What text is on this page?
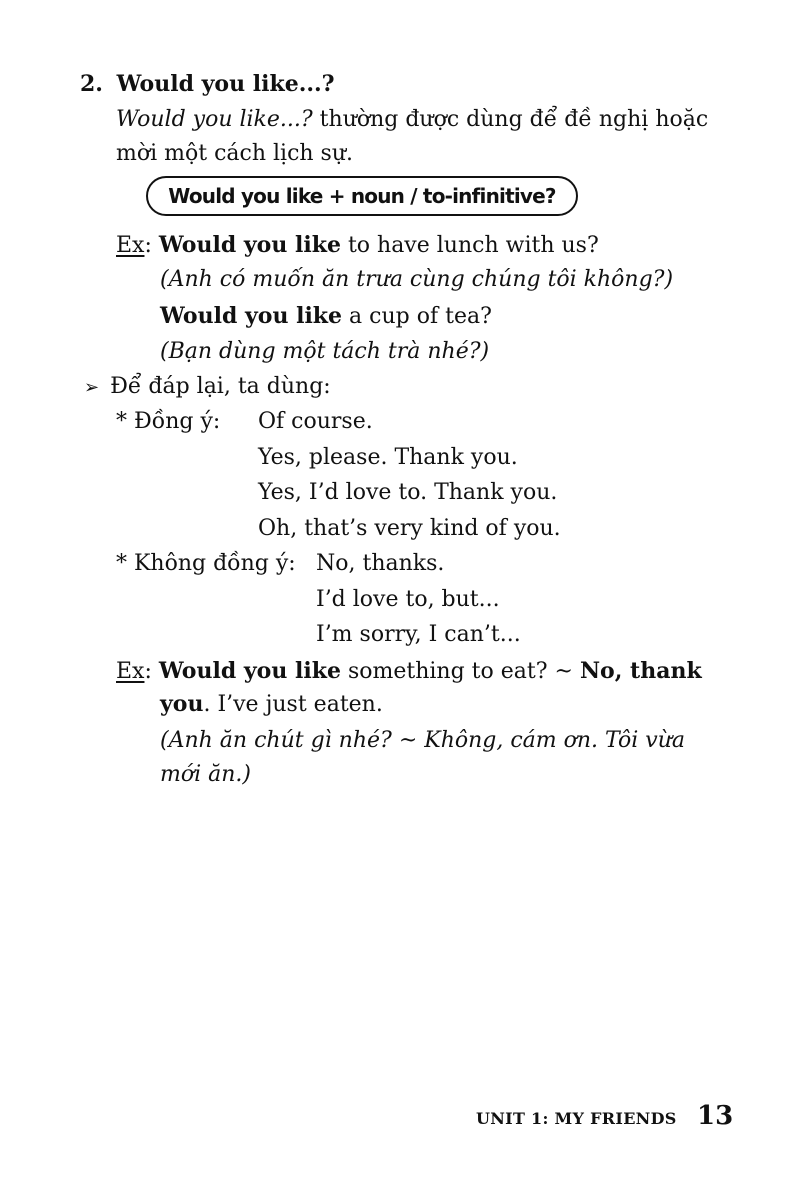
2. Would you like...?
Would you like...? thường được dùng để đề nghị hoặc
mời một cách lịch sự.
Would you like + noun / to-infinitive?
Ex: Would you like to have lunch with us?
(Anh có muốn ăn trưa cùng chúng tôi không?)
Would you like a cup of tea?
(Bạn dùng một tách trà nhé?)
➢ Để đáp lại, ta dùng:
* Đồng ý: Of course.
Yes, please. Thank you.
Yes, I’d love to. Thank you.
Oh, that’s very kind of you.
* Không đồng ý: No, thanks.
I’d love to, but...
I’m sorry, I can’t...
Ex: Would you like something to eat? ~ No, thank
you. I’ve just eaten.
(Anh ăn chút gì nhé? ~ Không, cám ơn. Tôi vừa
mới ăn.)
UNIT 1: MY FRIENDS 13
